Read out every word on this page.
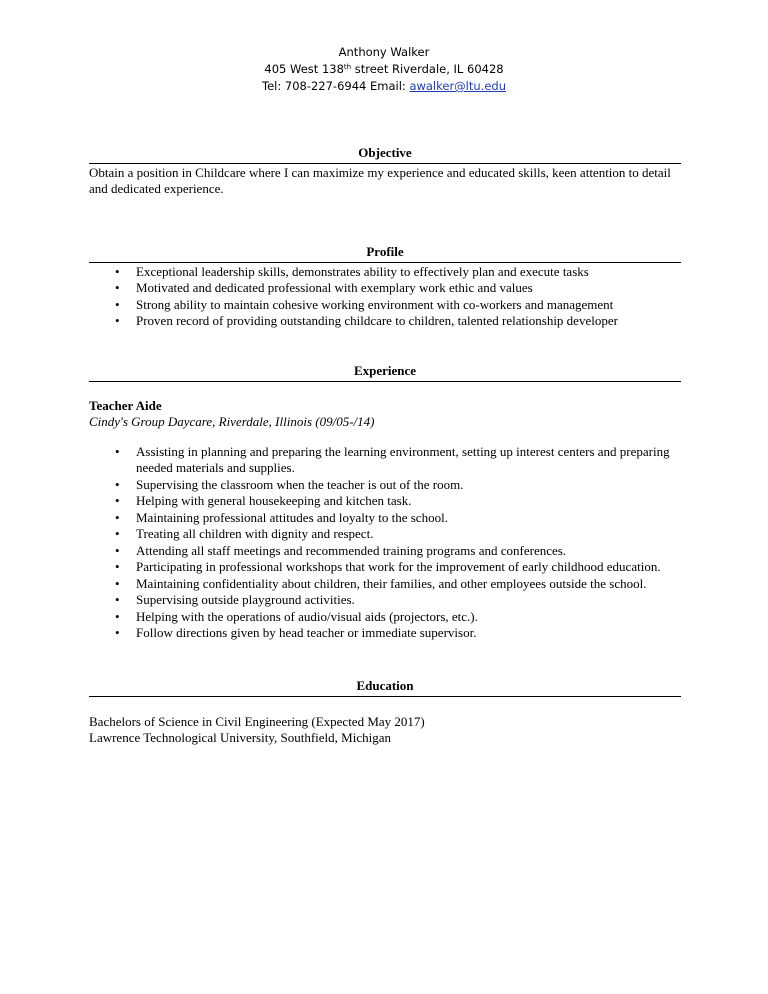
Anthony Walker
405 West 138th street Riverdale, IL 60428
Tel: 708-227-6944 Email: awalker@ltu.edu
Objective

Obtain a position in Childcare where I can maximize my experience and educated skills, keen attention to detail and dedicated experience.

Profile
• Exceptional leadership skills, demonstrates ability to effectively plan and execute tasks
• Motivated and dedicated professional with exemplary work ethic and values
• Strong ability to maintain cohesive working environment with co-workers and management
• Proven record of providing outstanding childcare to children, talented relationship developer
Experience
Teacher Aide
Cindy's Group Daycare, Riverdale, Illinois (09/05-/14)
• Assisting in planning and preparing the learning environment, setting up interest centers and preparing needed materials and supplies.
• Supervising the classroom when the teacher is out of the room.
• Helping with general housekeeping and kitchen task.
• Maintaining professional attitudes and loyalty to the school.
• Treating all children with dignity and respect.
• Attending all staff meetings and recommended training programs and conferences.
• Participating in professional workshops that work for the improvement of early childhood education.
• Maintaining confidentiality about children, their families, and other employees outside the school.
• Supervising outside playground activities.
• Helping with the operations of audio/visual aids (projectors, etc.).
• Follow directions given by head teacher or immediate supervisor.
Education
Bachelors of Science in Civil Engineering (Expected May 2017)
Lawrence Technological University, Southfield, Michigan
